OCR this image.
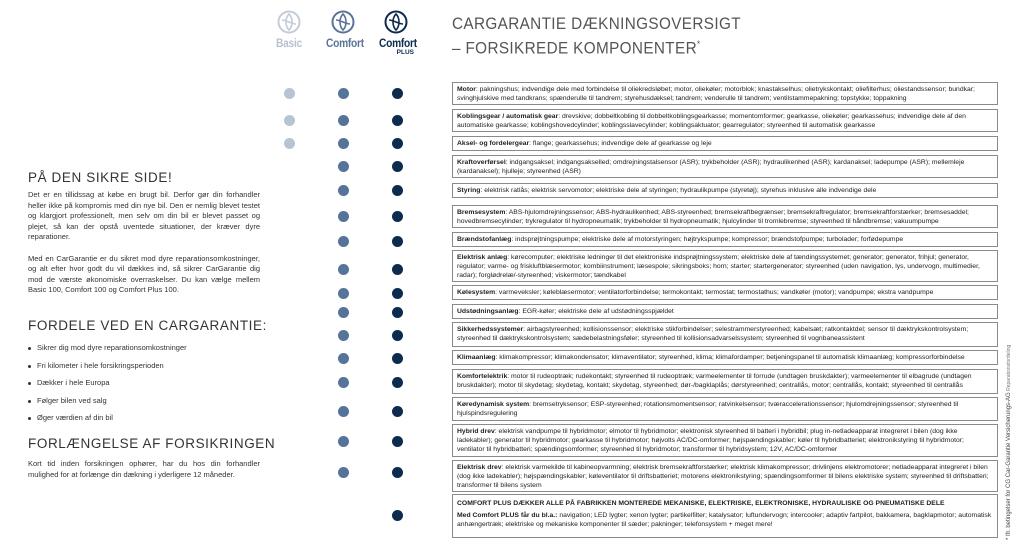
Basic	Comfort Comfort
PLUS
CARGARANTIE DÆKNINGSOVERSIGT
– FORSIKREDE KOMPONENTER*
PÅ DEN SIKRE SIDE!

Det er en tillidssag at købe en brugt bil. Derfor gør din forhandler heller ikke på kompromis med din nye bil. Den er nemlig blevet testet og klargjort professionelt, men selv om din bil er blevet passet og plejet, så kan der opstå uventede situationer, der kræver dyre reparationer.

Med en CarGarantie er du sikret mod dyre reparationsomkostninger, og alt efter hvor godt du vil dækkes ind, så sikrer CarGarantie dig mod de værste økonomiske overraskelser. Du kan vælge mellem Basic 100, Comfort 100 og Comfort Plus 100.

FORDELE VED EN CARGARANTIE:
Sikrer dig mod dyre reparationsomkostninger
Fri kilometer i hele forsikringsperioden
Dækker i hele Europa
Følger bilen ved salg
Øger værdien af din bil
FORLÆNGELSE AF FORSIKRINGEN

Kort tid inden forsikringen ophører, har du hos din forhandler mulighed for at forlænge din dækning i yderligere 12 måneder.

Motor: pakningshus; indvendige dele med forbindelse til oliekredsløbet; motor, oliekøler; motorblok; knastakselhus; olietrykskontakt; oliefilterhus; oliestandssensor; bundkar; svinghjulskive med tandkrans; spænderulle til tandrem; styrehusdæksel; tandrem; venderulle til tandrem; ventilstammepakning; topstykke; toppakning
Koblingsgear / automatisk gear: drevskive; dobbeltkobling til dobbeltkoblingsgearkasse; momentomformer; gearkasse, oliekøler; gearkassehus; indvendige dele af den automatiske gearkasse; koblingshovedcylinder; koblingsslavecylinder; koblingsaktuator; gearregulator; styreenhed til automatisk gearkasse
Aksel- og fordelergear: flange; gearkassehus; indvendige dele af gearkasse og leje
Kraftoverførsel: indgangsaksel; indgangsakselled; omdrejningstalsensor (ASR); trykbeholder (ASR); hydraulikenhed (ASR); kardanaksel; ladepumpe (ASR); mellemleje (kardanaksel); hjulleje; styreenhed (ASR)
Styring: elektrisk ratlås; elektrisk servomotor; elektriske dele af styringen; hydraulikpumpe (styretøj); styrehus inklusive alle indvendige dele
Bremsesystem: ABS-hjulomdrejningssensor; ABS-hydraulikenhed; ABS-styreenhed; bremsekraftbegrænser; bremsekraftregulator; bremsekraftforstærker; bremsesaddel; hovedbremsecylinder; trykregulator til hydropneumatik; trykbeholder til hydropneumatik; hjulcylinder til tromlebremse; styreenhed til håndbremse; vakuumpumpe
Brændstofanlæg: indsprøjtningspumpe; elektriske dele af motorstyringen; højtrykspumpe; kompressor; brændstofpumpe; turbolader; forfødepumpe
Elektrisk anlæg: kørecomputer; elektriske ledninger til det elektroniske indsprøjtningssystem; elektriske dele af tændingssystemet; generator; generator, frihjul; generator, regulator; varme- og friskluftblæsermotor; kombiinstrument; læsespole; sikringsboks; horn; starter; startergenerator; styreenhed (uden navigation, lys, undervogn, multimedier, radar); forglødrelæ/-styreenhed; viskermotor; tændkabel
Kølesystem: varmeveksler; køleblæsermotor; ventilatorforbindelse; termokontakt; termostat; termostathus; vandkøler (motor); vandpumpe; ekstra vandpumpe
Udstødningsanlæg: EGR-køler; elektriske dele af udstødningsspjældet
Sikkerhedssystemer: airbagstyreenhed; kollisionssensor; elektriske stikforbindelser; selestrammerstyreenhed; kabelsæt; ratkontaktdel; sensor til dæktrykskontrolsystem; styreenhed til dæktrykskontrolsystem; sædebelastningsføler; styreenhed til kollisionsadvarselssystem; styreenhed til vognbaneassistent
Klimaanlæg: klimakompressor; klimakondensator; klimaventilator; styreenhed, klima; klimafordamper; betjeningspanel til automatisk klimaanlæg; kompressorforbindelse
Komfortelektrik: motor til rudeoptræk; rudekontakt; styreenhed til rudeoptræk; varmeelementer til forrude (undtagen bruskdakter); varmeelementer til elbagrude (undtagen bruskdakter); motor til skydetag; skydetag, kontakt; skydetag, styreenhed; dør-/bagklaplås; dørstyreenhed; centrallås, motor; centrallås, kontakt; styreenhed til centrallås
Køredynamisk system: bremsetryksensor; ESP-styreenhed; rotationsmomentsensor; ratvinkelsensor; tværaccelerationssensor; hjulomdrejningssensor; styreenhed til hjulspindsregulering
Hybrid drev: elektrisk vandpumpe til hybridmotor; elmotor til hybridmotor; elektronisk styreenhed til batteri i hybridbil; plug in-netladeapparat integreret i bilen (dog ikke ladekabler); generator til hybridmotor; gearkasse til hybridmotor; højvolts AC/DC-omformer; højspændingskabler; køler til hybridbatteriet; elektronikstyring til hybridmotor; ventilator til hybridbatteri; spændingsomformer; styreenhed til hybridmotor; transformer til hybridsystem; 12V, AC/DC-omformer
Elektrisk drev: elektrisk varmekilde til kabineopvarmning; elektrisk bremsekraftforstærker; elektrisk klimakompressor; drivlinjens elektromotorer; netladeapparat integreret i bilen (dog ikke ladekabler); højspændingskabler; køleventilator til driftsbatteriet; motorens elektronikstyring; spændingsomformer til bilens elektriske system; styreenhed til driftsbatteri; transformer til bilens system
COMFORT PLUS DÆKKER ALLE PÅ FABRIKKEN MONTEREDE MEKANISKE, ELEKTRISKE, ELEKTRONISKE, HYDRAULISKE OG PNEUMATISKE DELE
Med Comfort PLUS får du bl.a.: navigation; LED lygter; xenon lygter; partikelfilter; katalysator; luftundervogn; intercooler; adaptiv fartpilot, bakkamera, bagklapmotor; automatisk anhængertræk; elektriske og mekaniske komponenter til sæder; pakninger; telefonsystem + meget mere!	* Ifr. betingelser for CG Car-Garantie Versicherungs-AG Reparationsfordeling
